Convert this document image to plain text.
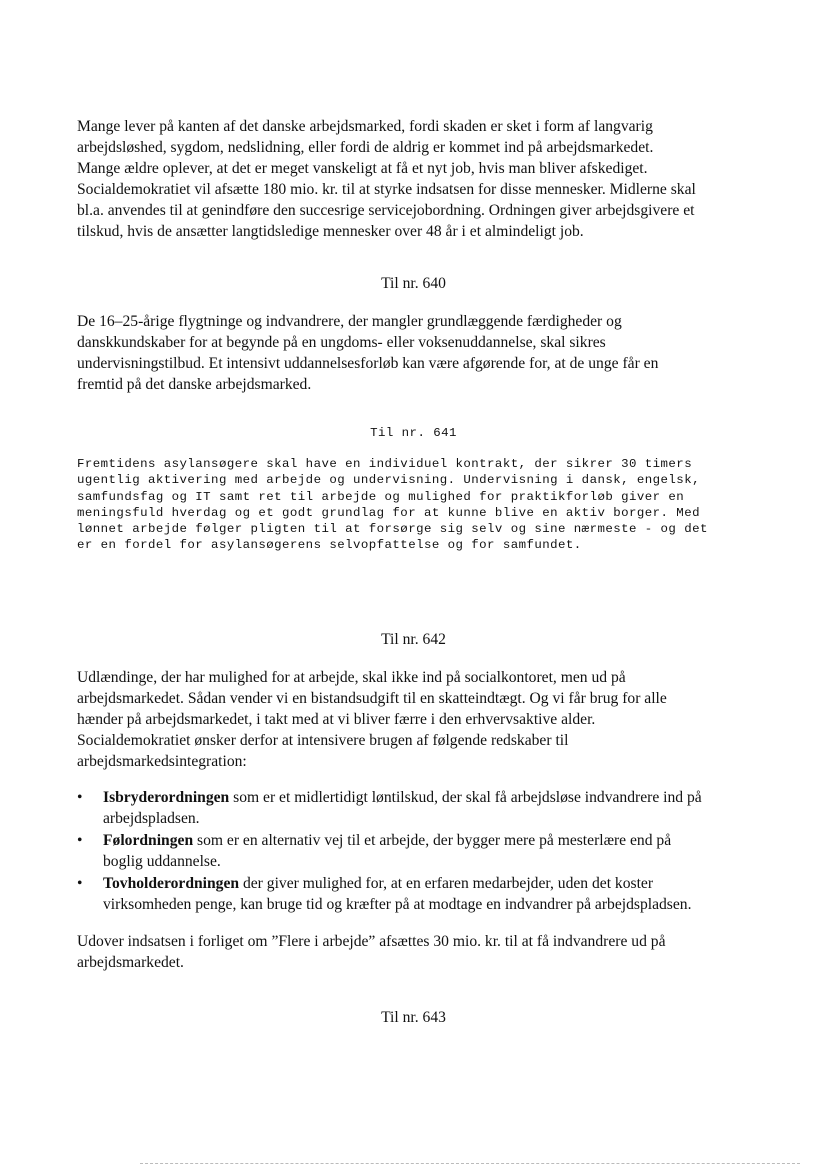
Mange lever på kanten af det danske arbejdsmarked, fordi skaden er sket i form af langvarig
arbejdsløshed, sygdom, nedslidning, eller fordi de aldrig er kommet ind på arbejdsmarkedet.
Mange ældre oplever, at det er meget vanskeligt at få et nyt job, hvis man bliver afskediget.
Socialdemokratiet vil afsætte 180 mio. kr. til at styrke indsatsen for disse mennesker. Midlerne skal
bl.a. anvendes til at genindføre den succesrige servicejobordning. Ordningen giver arbejdsgivere et
tilskud, hvis de ansætter langtidsledige mennesker over 48 år i et almindeligt job.
Til nr. 640
De 16–25-årige flygtninge og indvandrere, der mangler grundlæggende færdigheder og
danskkundskaber for at begynde på en ungdoms- eller voksenuddannelse, skal sikres
undervisningstilbud. Et intensivt uddannelsesforløb kan være afgørende for, at de unge får en
fremtid på det danske arbejdsmarked.
Til nr. 641
Fremtidens asylansøgere skal have en individuel kontrakt, der sikrer 30 timers
ugentlig aktivering med arbejde og undervisning. Undervisning i dansk, engelsk,
samfundsfag og IT samt ret til arbejde og mulighed for praktikforløb giver en
meningsfuld hverdag og et godt grundlag for at kunne blive en aktiv borger. Med
lønnet arbejde følger pligten til at forsørge sig selv og sine nærmeste - og det
er en fordel for asylansøgerens selvopfattelse og for samfundet.
Til nr. 642
Udlændinge, der har mulighed for at arbejde, skal ikke ind på socialkontoret, men ud på
arbejdsmarkedet. Sådan vender vi en bistandsudgift til en skatteindtægt. Og vi får brug for alle
hænder på arbejdsmarkedet, i takt med at vi bliver færre i den erhvervsaktive alder.
Socialdemokratiet ønsker derfor at intensivere brugen af følgende redskaber til
arbejdsmarkedsintegration:
• Isbryderordningen som er et midlertidigt løntilskud, der skal få arbejdsløse indvandrere ind på
arbejdspladsen.
• Følordningen som er en alternativ vej til et arbejde, der bygger mere på mesterlære end på
boglig uddannelse.
• Tovholderordningen der giver mulighed for, at en erfaren medarbejder, uden det koster
virksomheden penge, kan bruge tid og kræfter på at modtage en indvandrer på arbejdspladsen.
Udover indsatsen i forliget om ”Flere i arbejde” afsættes 30 mio. kr. til at få indvandrere ud på
arbejdsmarkedet.
Til nr. 643
